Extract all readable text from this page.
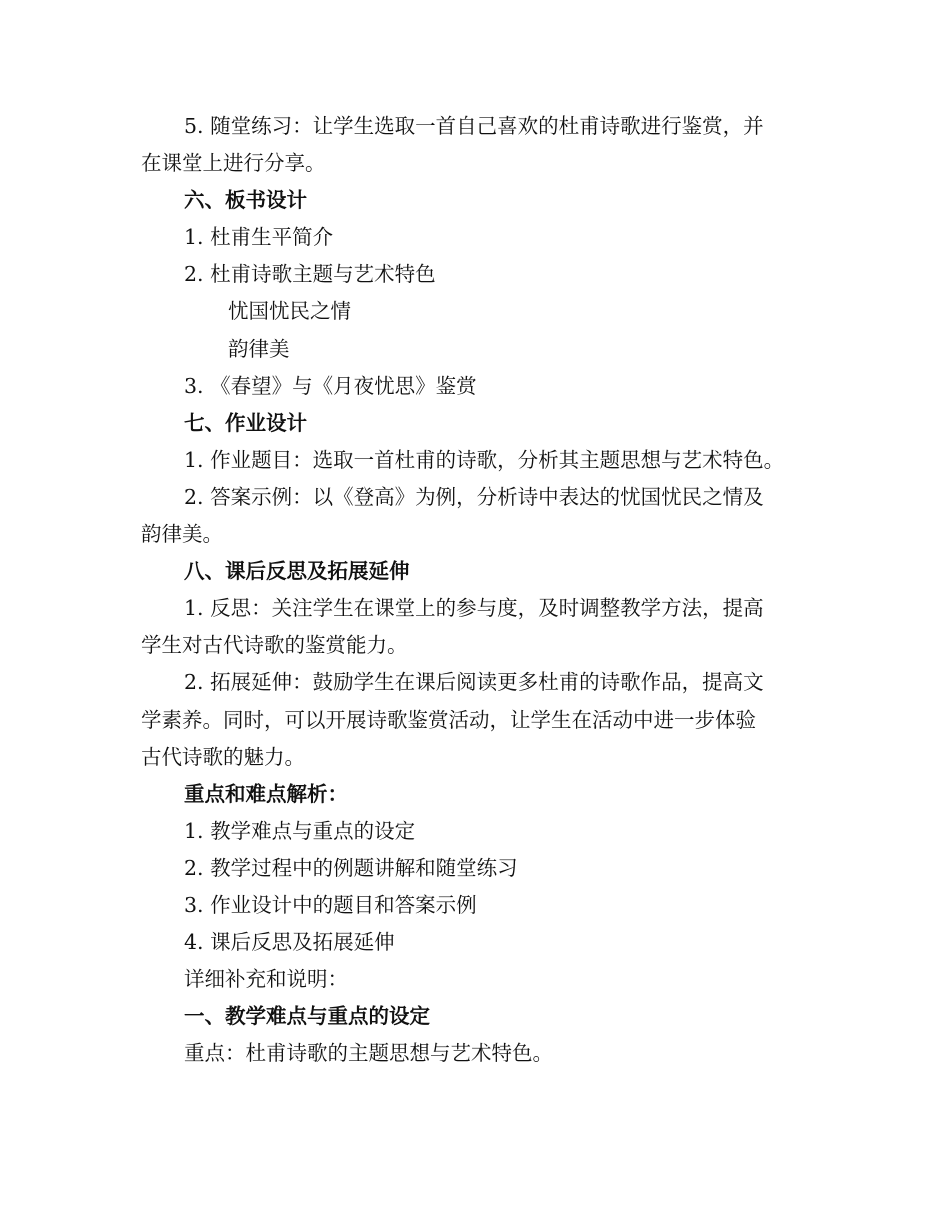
5. 随堂练习：让学生选取一首自己喜欢的杜甫诗歌进行鉴赏，并
在课堂上进行分享。
六、板书设计
1. 杜甫生平简介
2. 杜甫诗歌主题与艺术特色
忧国忧民之情
韵律美
3. 《春望》与《月夜忧思》鉴赏
七、作业设计
1. 作业题目：选取一首杜甫的诗歌，分析其主题思想与艺术特色。
2. 答案示例：以《登高》为例，分析诗中表达的忧国忧民之情及
韵律美。
八、课后反思及拓展延伸
1. 反思：关注学生在课堂上的参与度，及时调整教学方法，提高
学生对古代诗歌的鉴赏能力。
2. 拓展延伸：鼓励学生在课后阅读更多杜甫的诗歌作品，提高文
学素养。同时，可以开展诗歌鉴赏活动，让学生在活动中进一步体验
古代诗歌的魅力。
重点和难点解析：
1. 教学难点与重点的设定
2. 教学过程中的例题讲解和随堂练习
3. 作业设计中的题目和答案示例
4. 课后反思及拓展延伸
详细补充和说明：
一、教学难点与重点的设定
重点：杜甫诗歌的主题思想与艺术特色。
